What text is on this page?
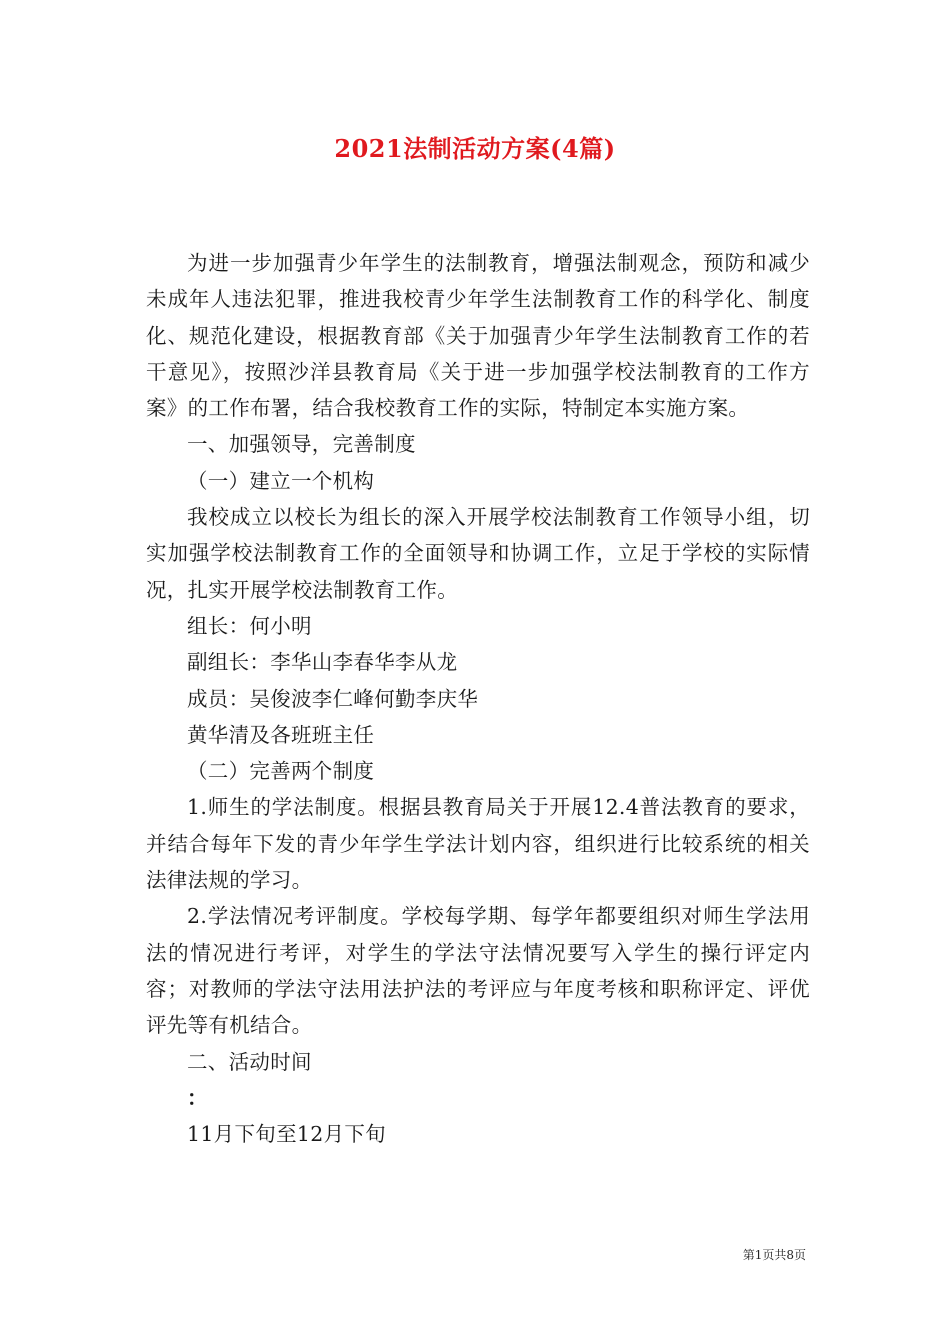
2021法制活动方案(4篇)

为进一步加强青少年学生的法制教育，增强法制观念，预防和减少未成年人违法犯罪，推进我校青少年学生法制教育工作的科学化、制度化、规范化建设，根据教育部《关于加强青少年学生法制教育工作的若干意见》，按照沙洋县教育局《关于进一步加强学校法制教育的工作方案》的工作布署，结合我校教育工作的实际，特制定本实施方案。

一、加强领导，完善制度

（一）建立一个机构

我校成立以校长为组长的深入开展学校法制教育工作领导小组，切实加强学校法制教育工作的全面领导和协调工作，立足于学校的实际情况，扎实开展学校法制教育工作。

组长：何小明

副组长：李华山李春华李从龙

成员：吴俊波李仁峰何勤李庆华

黄华清及各班班主任

（二）完善两个制度

1.师生的学法制度。根据县教育局关于开展12.4普法教育的要求，并结合每年下发的青少年学生学法计划内容，组织进行比较系统的相关法律法规的学习。

2.学法情况考评制度。学校每学期、每学年都要组织对师生学法用法的情况进行考评，对学生的学法守法情况要写入学生的操行评定内容；对教师的学法守法用法护法的考评应与年度考核和职称评定、评优评先等有机结合。

二、活动时间

：

11月下旬至12月下旬

第1页共8页
